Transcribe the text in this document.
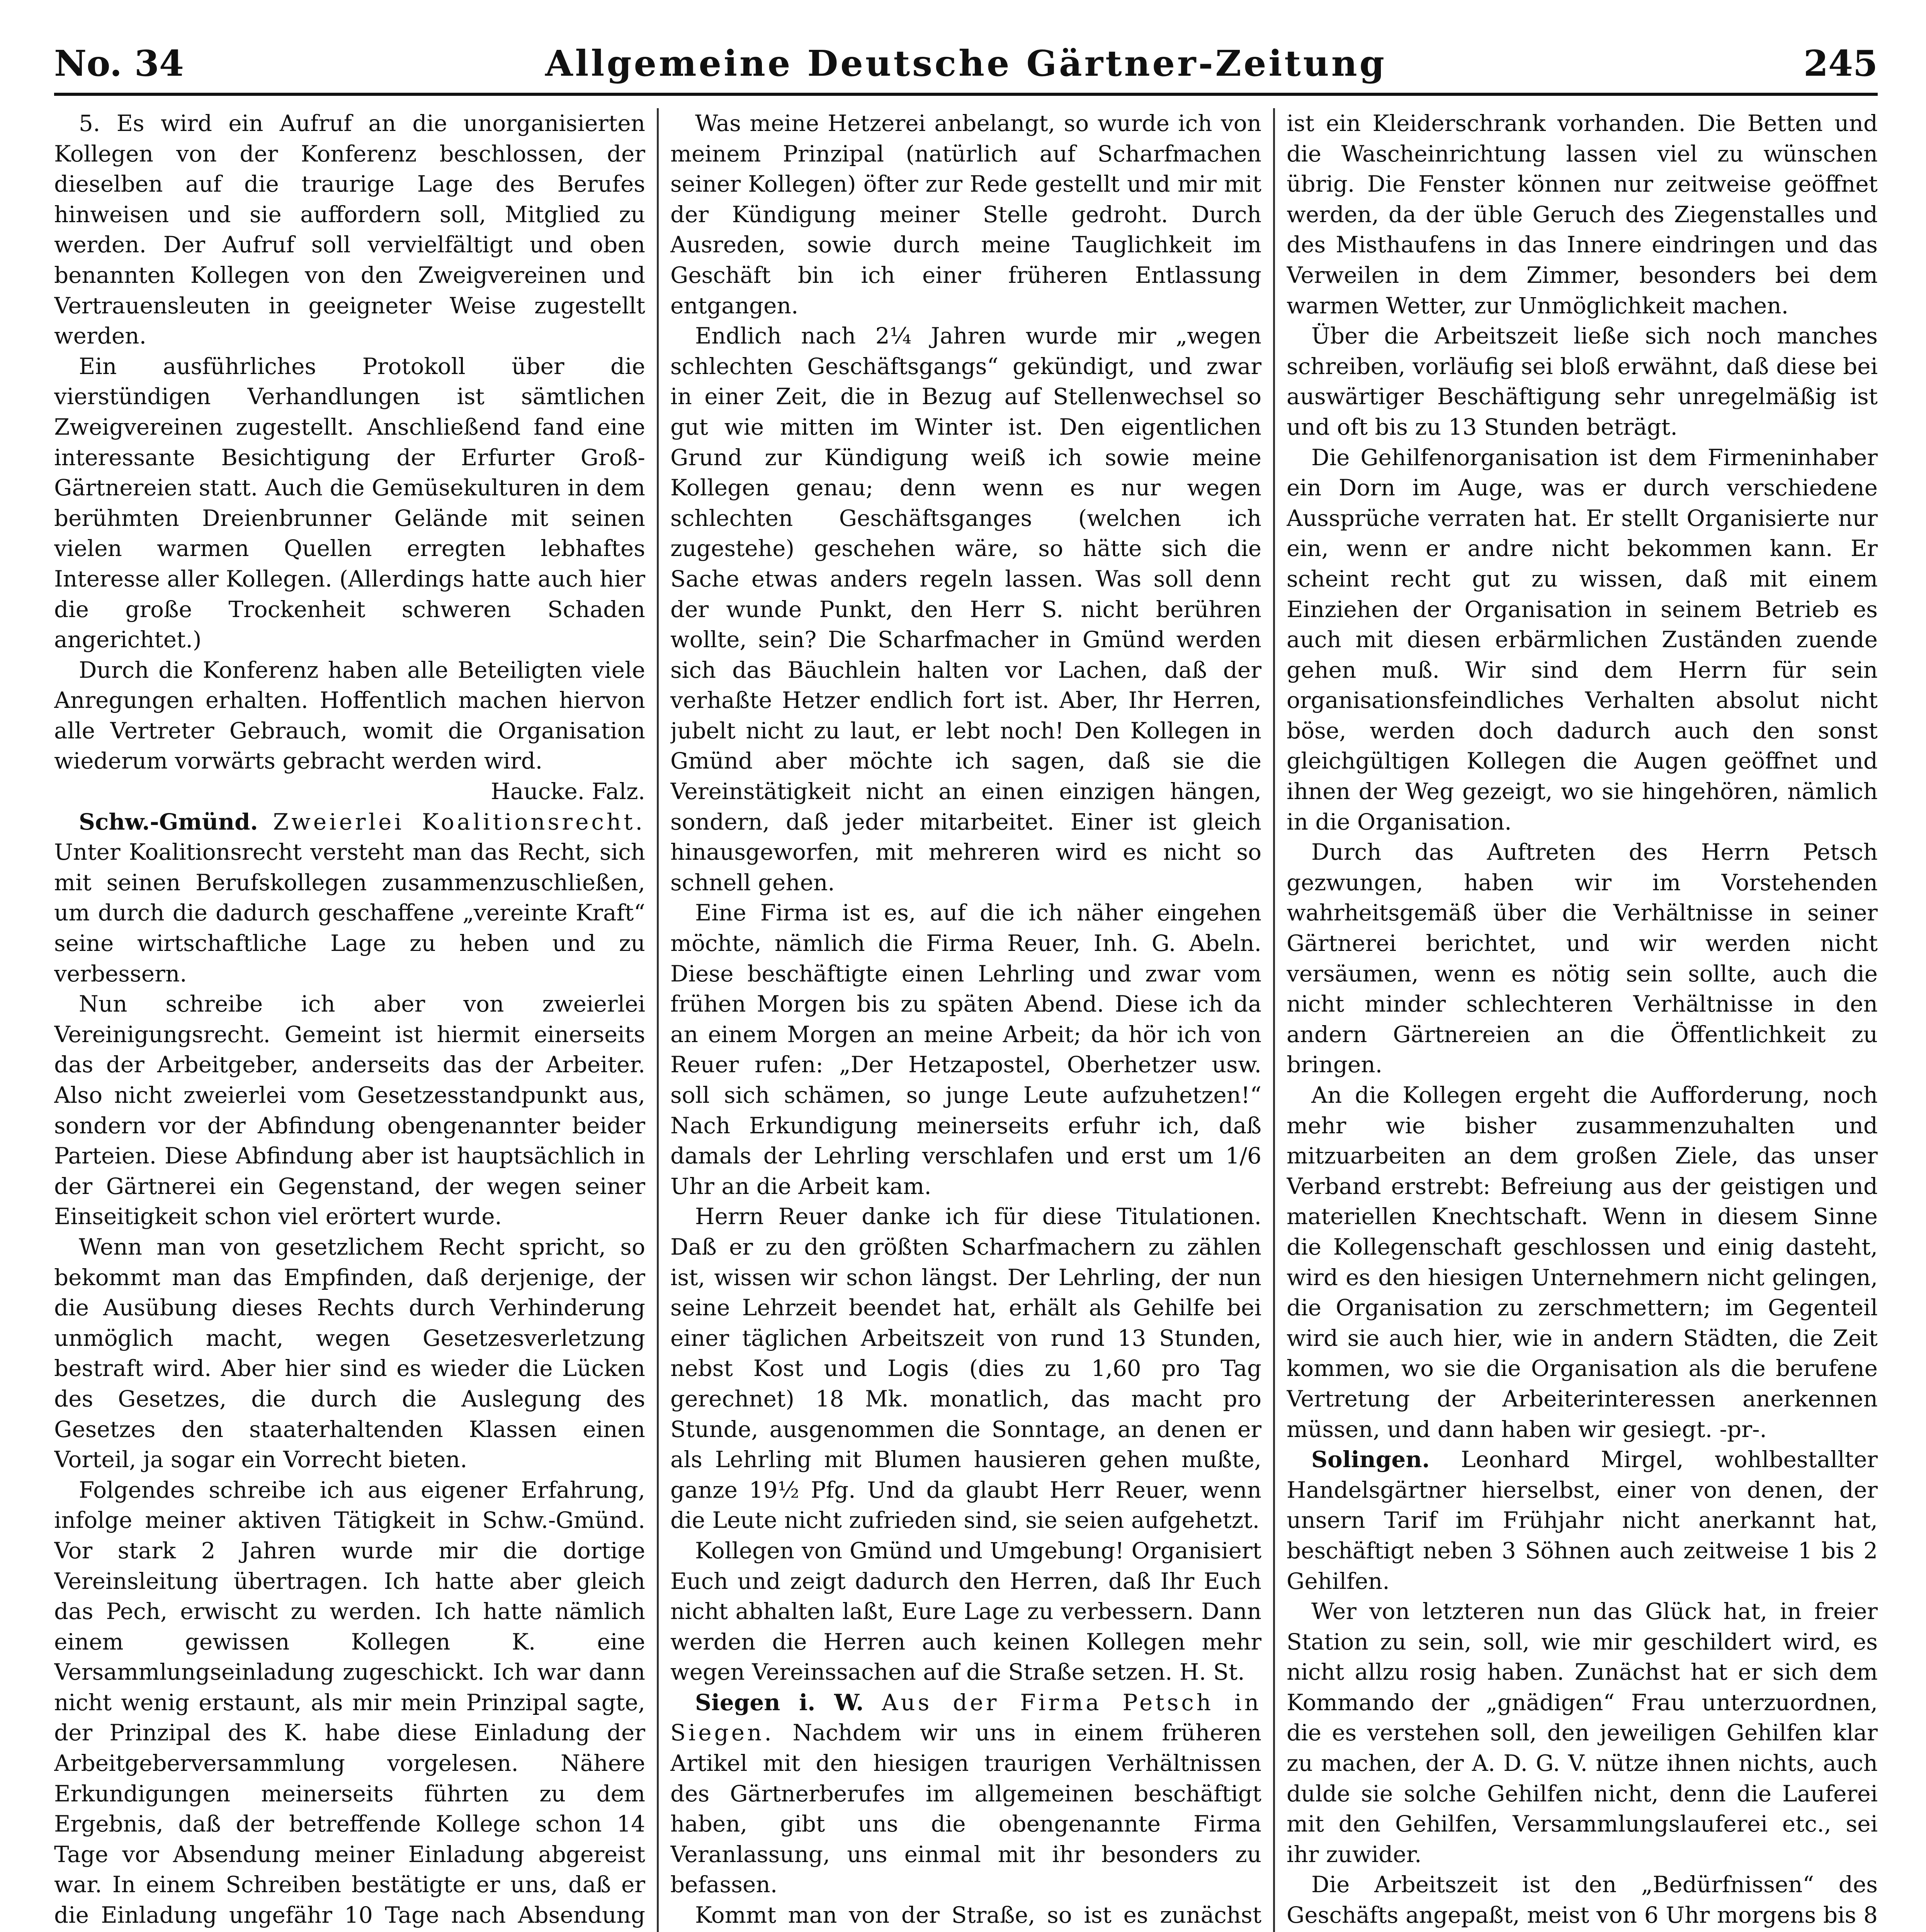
No. 34	Allgemeine Deutsche Gärtner-Zeitung	245

5. Es wird ein Aufruf an die unorganisierten Kollegen von der Konferenz beschlossen, der dieselben auf die traurige Lage des Berufes hinweisen und sie auffordern soll, Mitglied zu werden. Der Aufruf soll vervielfältigt und oben benannten Kollegen von den Zweigvereinen und Vertrauensleuten in geeigneter Weise zugestellt werden.

Ein ausführliches Protokoll über die vierstündigen Verhandlungen ist sämtlichen Zweigvereinen zugestellt. Anschließend fand eine interessante Besichtigung der Erfurter Groß-Gärtnereien statt. Auch die Gemüsekulturen in dem berühmten Dreienbrunner Gelände mit seinen vielen warmen Quellen erregten lebhaftes Interesse aller Kollegen. (Allerdings hatte auch hier die große Trockenheit schweren Schaden angerichtet.)

Durch die Konferenz haben alle Beteiligten viele Anregungen erhalten. Hoffentlich machen hiervon alle Vertreter Gebrauch, womit die Organisation wiederum vorwärts gebracht werden wird.

Haucke. Falz.

Schw.-Gmünd. Zweierlei Koalitionsrecht. Unter Koalitionsrecht versteht man das Recht, sich mit seinen Berufskollegen zusammenzuschließen, um durch die dadurch geschaffene „vereinte Kraft“ seine wirtschaftliche Lage zu heben und zu verbessern.

Nun schreibe ich aber von zweierlei Vereinigungsrecht. Gemeint ist hiermit einerseits das der Arbeitgeber, anderseits das der Arbeiter. Also nicht zweierlei vom Gesetzesstandpunkt aus, sondern vor der Abfindung obengenannter beider Parteien. Diese Abfindung aber ist hauptsächlich in der Gärtnerei ein Gegenstand, der wegen seiner Einseitigkeit schon viel erörtert wurde.

Wenn man von gesetzlichem Recht spricht, so bekommt man das Empfinden, daß derjenige, der die Ausübung dieses Rechts durch Verhinderung unmöglich macht, wegen Gesetzesverletzung bestraft wird. Aber hier sind es wieder die Lücken des Gesetzes, die durch die Auslegung des Gesetzes den staaterhaltenden Klassen einen Vorteil, ja sogar ein Vorrecht bieten.

Folgendes schreibe ich aus eigener Erfahrung, infolge meiner aktiven Tätigkeit in Schw.-Gmünd. Vor stark 2 Jahren wurde mir die dortige Vereinsleitung übertragen. Ich hatte aber gleich das Pech, erwischt zu werden. Ich hatte nämlich einem gewissen Kollegen K. eine Versammlungseinladung zugeschickt. Ich war dann nicht wenig erstaunt, als mir mein Prinzipal sagte, der Prinzipal des K. habe diese Einladung der Arbeitgeberversammlung vorgelesen. Nähere Erkundigungen meinerseits führten zu dem Ergebnis, daß der betreffende Kollege schon 14 Tage vor Absendung meiner Einladung abgereist war. In einem Schreiben bestätigte er uns, daß er die Einladung ungefähr 10 Tage nach Absendung

Was meine Hetzerei anbelangt, so wurde ich von meinem Prinzipal (natürlich auf Scharfmachen seiner Kollegen) öfter zur Rede gestellt und mir mit der Kündigung meiner Stelle gedroht. Durch Ausreden, sowie durch meine Tauglichkeit im Geschäft bin ich einer früheren Entlassung entgangen.

Endlich nach 2¼ Jahren wurde mir „wegen schlechten Geschäftsgangs“ gekündigt, und zwar in einer Zeit, die in Bezug auf Stellenwechsel so gut wie mitten im Winter ist. Den eigentlichen Grund zur Kündigung weiß ich sowie meine Kollegen genau; denn wenn es nur wegen schlechten Geschäftsganges (welchen ich zugestehe) geschehen wäre, so hätte sich die Sache etwas anders regeln lassen. Was soll denn der wunde Punkt, den Herr S. nicht berühren wollte, sein? Die Scharfmacher in Gmünd werden sich das Bäuchlein halten vor Lachen, daß der verhaßte Hetzer endlich fort ist. Aber, Ihr Herren, jubelt nicht zu laut, er lebt noch! Den Kollegen in Gmünd aber möchte ich sagen, daß sie die Vereinstätigkeit nicht an einen einzigen hängen, sondern, daß jeder mitarbeitet. Einer ist gleich hinausgeworfen, mit mehreren wird es nicht so schnell gehen.

Eine Firma ist es, auf die ich näher eingehen möchte, nämlich die Firma Reuer, Inh. G. Abeln. Diese beschäftigte einen Lehrling und zwar vom frühen Morgen bis zu späten Abend. Diese ich da an einem Morgen an meine Arbeit; da hör ich von Reuer rufen: „Der Hetzapostel, Oberhetzer usw. soll sich schämen, so junge Leute aufzuhetzen!“ Nach Erkundigung meinerseits erfuhr ich, daß damals der Lehrling verschlafen und erst um 1/6 Uhr an die Arbeit kam.

Herrn Reuer danke ich für diese Titulationen. Daß er zu den größten Scharfmachern zu zählen ist, wissen wir schon längst. Der Lehrling, der nun seine Lehrzeit beendet hat, erhält als Gehilfe bei einer täglichen Arbeitszeit von rund 13 Stunden, nebst Kost und Logis (dies zu 1,60 pro Tag gerechnet) 18 Mk. monatlich, das macht pro Stunde, ausgenommen die Sonntage, an denen er als Lehrling mit Blumen hausieren gehen mußte, ganze 19½ Pfg. Und da glaubt Herr Reuer, wenn die Leute nicht zufrieden sind, sie seien aufgehetzt.

Kollegen von Gmünd und Umgebung! Organisiert Euch und zeigt dadurch den Herren, daß Ihr Euch nicht abhalten laßt, Eure Lage zu verbessern. Dann werden die Herren auch keinen Kollegen mehr wegen Vereinssachen auf die Straße setzen. H. St.

Siegen i. W. Aus der Firma Petsch in Siegen. Nachdem wir uns in einem früheren Artikel mit den hiesigen traurigen Verhältnissen des Gärtnerberufes im allgemeinen beschäftigt haben, gibt uns die obengenannte Firma Veranlassung, uns einmal mit ihr besonders zu befassen.

Kommt man von der Straße, so ist es zunächst

ist ein Kleiderschrank vorhanden. Die Betten und die Wascheinrichtung lassen viel zu wünschen übrig. Die Fenster können nur zeitweise geöffnet werden, da der üble Geruch des Ziegenstalles und des Misthaufens in das Innere eindringen und das Verweilen in dem Zimmer, besonders bei dem warmen Wetter, zur Unmöglichkeit machen.

Über die Arbeitszeit ließe sich noch manches schreiben, vorläufig sei bloß erwähnt, daß diese bei auswärtiger Beschäftigung sehr unregelmäßig ist und oft bis zu 13 Stunden beträgt.

Die Gehilfenorganisation ist dem Firmeninhaber ein Dorn im Auge, was er durch verschiedene Aussprüche verraten hat. Er stellt Organisierte nur ein, wenn er andre nicht bekommen kann. Er scheint recht gut zu wissen, daß mit einem Einziehen der Organisation in seinem Betrieb es auch mit diesen erbärmlichen Zuständen zuende gehen muß. Wir sind dem Herrn für sein organisationsfeindliches Verhalten absolut nicht böse, werden doch dadurch auch den sonst gleichgültigen Kollegen die Augen geöffnet und ihnen der Weg gezeigt, wo sie hingehören, nämlich in die Organisation.

Durch das Auftreten des Herrn Petsch gezwungen, haben wir im Vorstehenden wahrheitsgemäß über die Verhältnisse in seiner Gärtnerei berichtet, und wir werden nicht versäumen, wenn es nötig sein sollte, auch die nicht minder schlechteren Verhältnisse in den andern Gärtnereien an die Öffentlichkeit zu bringen.

An die Kollegen ergeht die Aufforderung, noch mehr wie bisher zusammenzuhalten und mitzuarbeiten an dem großen Ziele, das unser Verband erstrebt: Befreiung aus der geistigen und materiellen Knechtschaft. Wenn in diesem Sinne die Kollegenschaft geschlossen und einig dasteht, wird es den hiesigen Unternehmern nicht gelingen, die Organisation zu zerschmettern; im Gegenteil wird sie auch hier, wie in andern Städten, die Zeit kommen, wo sie die Organisation als die berufene Vertretung der Arbeiterinteressen anerkennen müssen, und dann haben wir gesiegt. -pr-.

Solingen. Leonhard Mirgel, wohlbestallter Handelsgärtner hierselbst, einer von denen, der unsern Tarif im Frühjahr nicht anerkannt hat, beschäftigt neben 3 Söhnen auch zeitweise 1 bis 2 Gehilfen.

Wer von letzteren nun das Glück hat, in freier Station zu sein, soll, wie mir geschildert wird, es nicht allzu rosig haben. Zunächst hat er sich dem Kommando der „gnädigen“ Frau unterzuordnen, die es verstehen soll, den jeweiligen Gehilfen klar zu machen, der A. D. G. V. nütze ihnen nichts, auch dulde sie solche Gehilfen nicht, denn die Lauferei mit den Gehilfen, Versammlungslauferei etc., sei ihr zuwider.

Die Arbeitszeit ist den „Bedürfnissen“ des Geschäfts angepaßt, meist von 6 Uhr morgens bis 8
